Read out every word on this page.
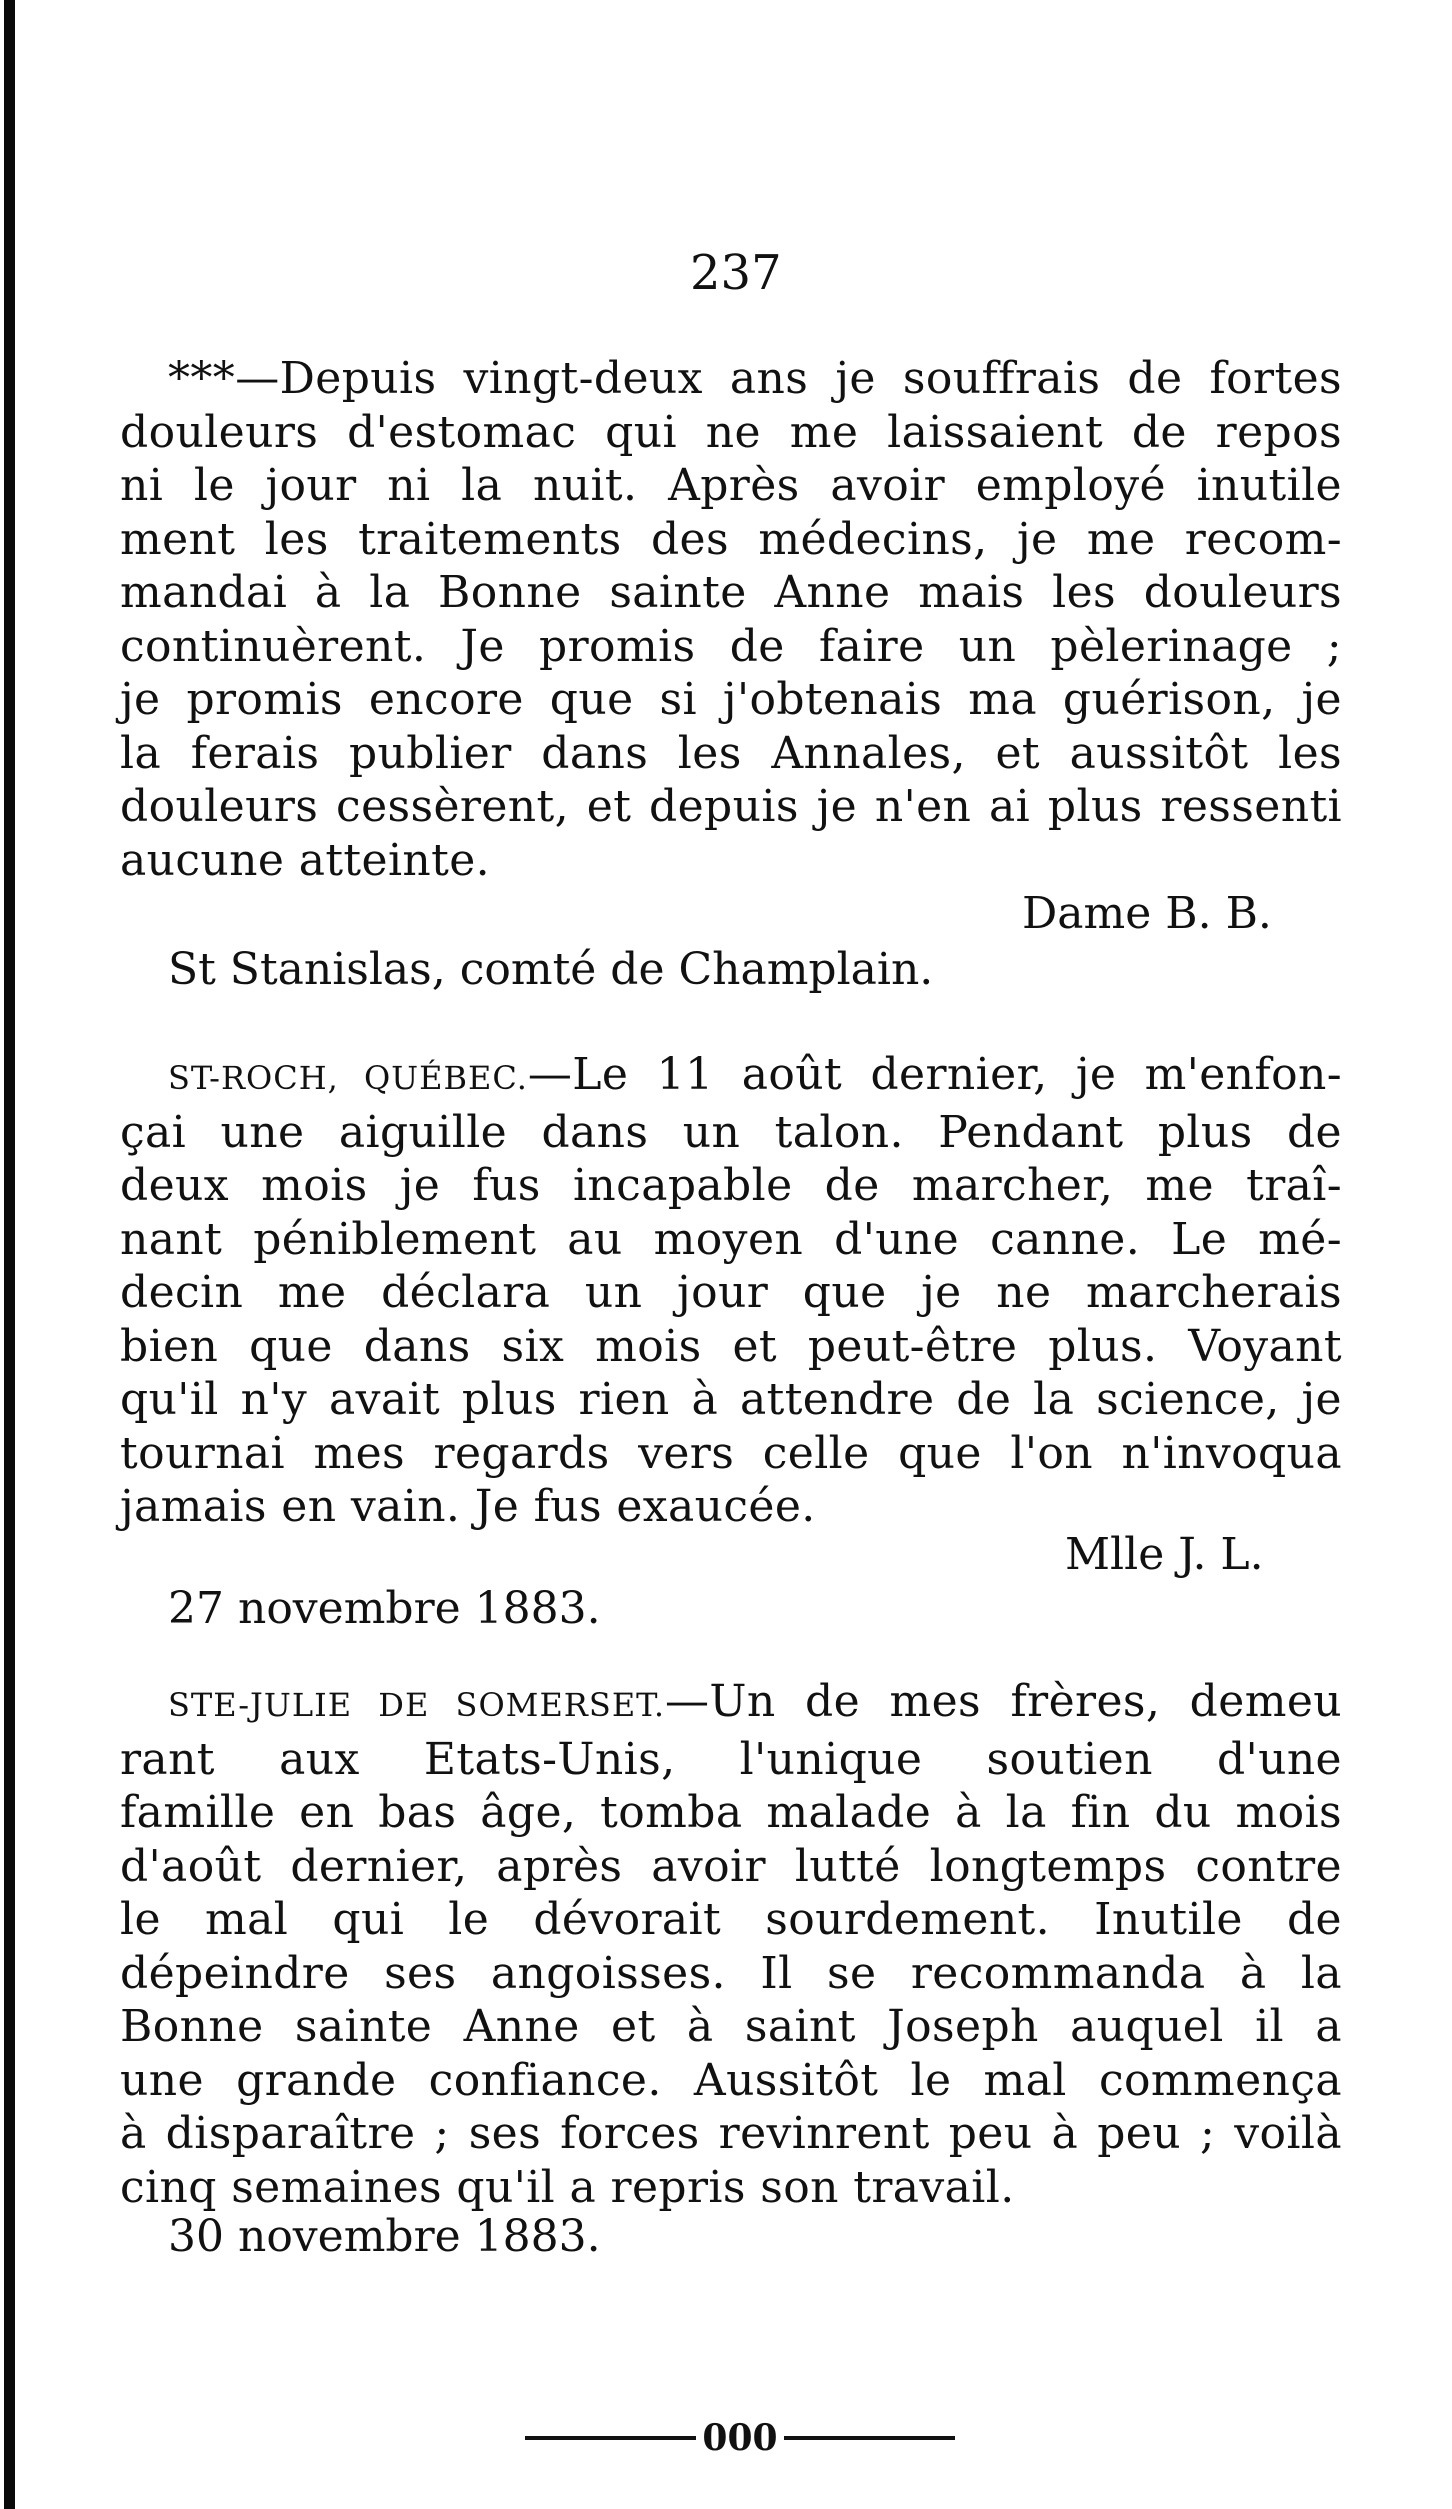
237
***—Depuis vingt-deux ans je souffrais de fortes
douleurs d'estomac qui ne me laissaient de repos
ni le jour ni la nuit. Après avoir employé inutile
ment les traitements des médecins, je me recom-
mandai à la Bonne sainte Anne mais les douleurs
continuèrent. Je promis de faire un pèlerinage ;
je promis encore que si j'obtenais ma guérison, je
la ferais publier dans les Annales, et aussitôt les
douleurs cessèrent, et depuis je n'en ai plus ressenti
aucune atteinte.
Dame B. B.
St Stanislas, comté de Champlain.
ST-ROCH, QUÉBEC.—Le 11 août dernier, je m'enfon-
çai une aiguille dans un talon. Pendant plus de
deux mois je fus incapable de marcher, me traî-
nant péniblement au moyen d'une canne. Le mé-
decin me déclara un jour que je ne marcherais
bien que dans six mois et peut-être plus. Voyant
qu'il n'y avait plus rien à attendre de la science, je
tournai mes regards vers celle que l'on n'invoqua
jamais en vain. Je fus exaucée.
Mlle J. L.
27 novembre 1883.
STE-JULIE DE SOMERSET.—Un de mes frères, demeu
rant aux Etats-Unis, l'unique soutien d'une
famille en bas âge, tomba malade à la fin du mois
d'août dernier, après avoir lutté longtemps contre
le mal qui le dévorait sourdement. Inutile de
dépeindre ses angoisses. Il se recommanda à la
Bonne sainte Anne et à saint Joseph auquel il a
une grande confiance. Aussitôt le mal commença
à disparaître ; ses forces revinrent peu à peu ; voilà
cinq semaines qu'il a repris son travail.
30 novembre 1883.
000
